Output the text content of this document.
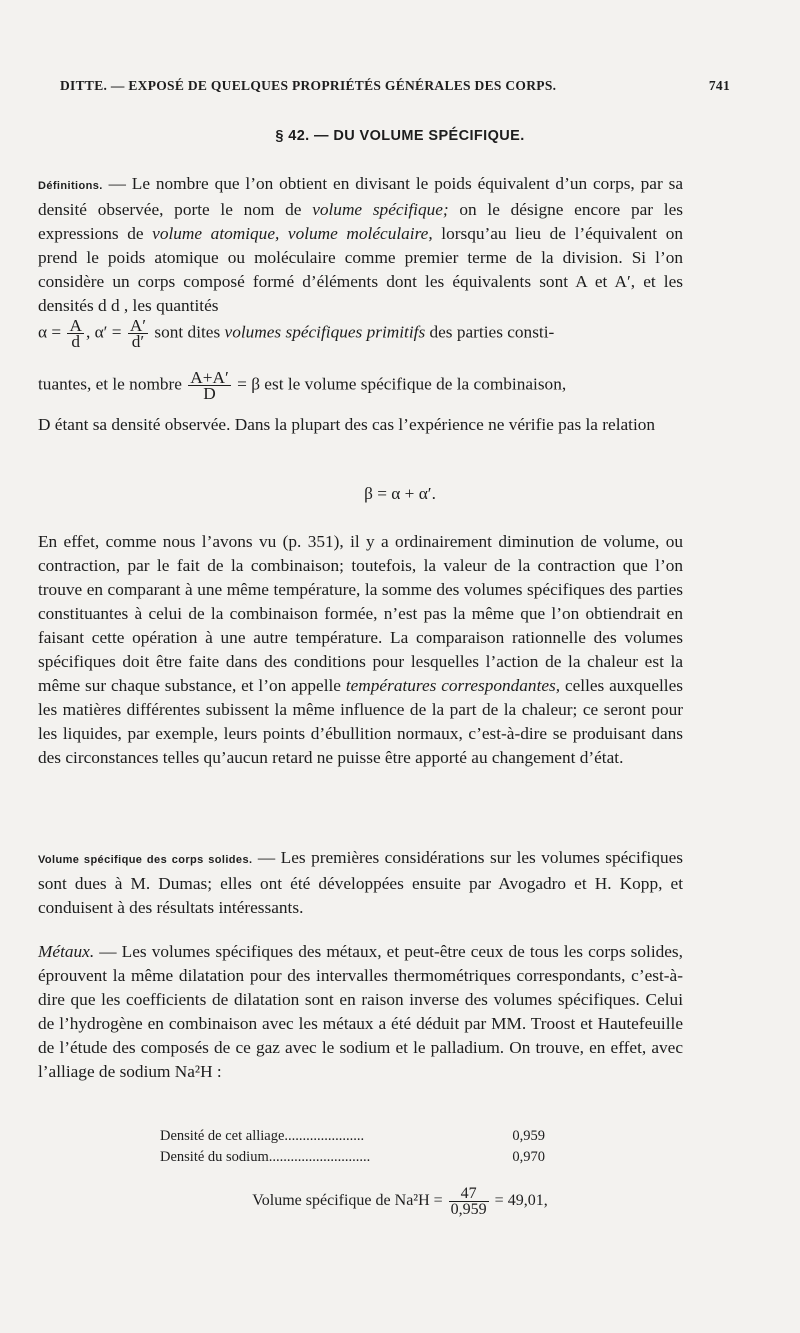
DITTE. — EXPOSÉ DE QUELQUES PROPRIÉTÉS GÉNÉRALES DES CORPS.	741
§ 42. — DU VOLUME SPÉCIFIQUE.
Définitions. — Le nombre que l’on obtient en divisant le poids équivalent d’un corps, par sa densité observée, porte le nom de volume spécifique; on le désigne encore par les expressions de volume atomique, volume moléculaire, lorsqu’au lieu de l’équivalent on prend le poids atomique ou moléculaire comme premier terme de la division. Si l’on considère un corps composé formé d’éléments dont les équivalents sont A et A′, et les densités d d , les quantités
$\alpha = \frac{A}{d}$ , $\alpha' = \frac{A'}{d'}$ sont dites volumes spécifiques primitifs des parties consti-
tuantes, et le nombre $\frac{A+A'}{D} = \beta$ est le volume spécifique de la combinaison,
D étant sa densité observée. Dans la plupart des cas l’expérience ne vérifie pas la relation
β = α + α′.
En effet, comme nous l’avons vu (p. 351), il y a ordinairement diminution de volume, ou contraction, par le fait de la combinaison; toutefois, la valeur de la contraction que l’on trouve en comparant à une même température, la somme des volumes spécifiques des parties constituantes à celui de la combinaison formée, n’est pas la même que l’on obtiendrait en faisant cette opération à une autre température. La comparaison rationnelle des volumes spécifiques doit être faite dans des conditions pour lesquelles l’action de la chaleur est la même sur chaque substance, et l’on appelle températures correspondantes, celles auxquelles les matières différentes subissent la même influence de la part de la chaleur; ce seront pour les liquides, par exemple, leurs points d’ébullition normaux, c’est-à-dire se produisant dans des circonstances telles qu’aucun retard ne puisse être apporté au changement d’état.
Volume spécifique des corps solides. — Les premières considérations sur les volumes spécifiques sont dues à M. Dumas; elles ont été développées ensuite par Avogadro et H. Kopp, et conduisent à des résultats intéressants.
Métaux. — Les volumes spécifiques des métaux, et peut-être ceux de tous les corps solides, éprouvent la même dilatation pour des intervalles thermométriques correspondants, c’est-à-dire que les coefficients de dilatation sont en raison inverse des volumes spécifiques. Celui de l’hydrogène en combinaison avec les métaux a été déduit par MM. Troost et Hautefeuille de l’étude des composés de ce gaz avec le sodium et le palladium. On trouve, en effet, avec l’alliage de sodium Na²H :
Densité de cet alliage......................	0,959
Densité du sodium............................	0,970
Volume spécifique de $Na^2H = \frac{47}{0,959} = 49,01$,
